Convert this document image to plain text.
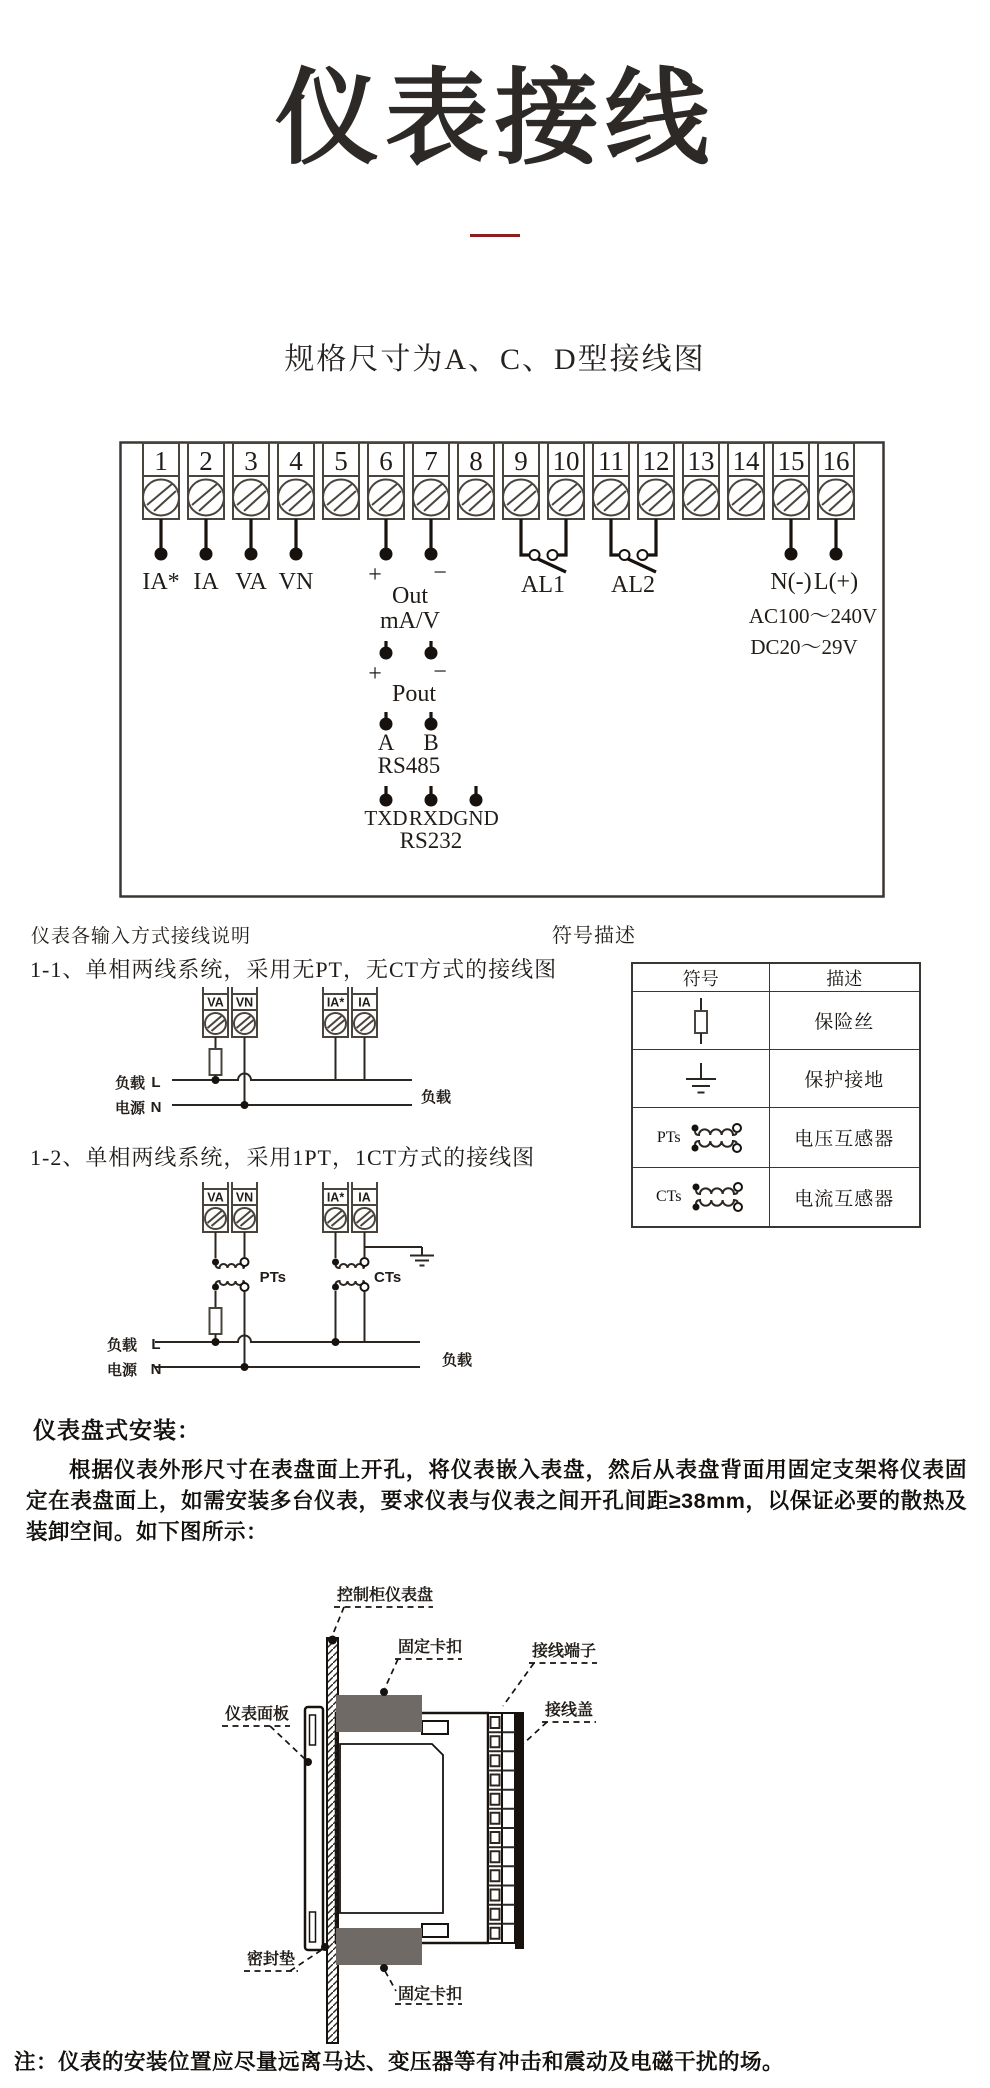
仪表接线
规格尺寸为A、C、D型接线图
1 2 3 4 5 6 7 8 9 10 11 12 13 14 15 16
IA* IA VA VN + −
Out
mA/V
+ −
Pout
A B
RS485
TXD RXD GND
RS232
AL1 AL2	N(-) L(+)
AC100～240V
DC20～29V
仪表各输入方式接线说明	符号描述
1-1、单相两线系统，采用无PT，无CT方式的接线图
VA VN	IA* IA
负载 L
电源 N
负载
符号	描述

	保险丝

	保护接地

PTs	电压互感器

CTs	电流互感器
1-2、单相两线系统，采用1PT，1CT方式的接线图
VA VN	IA* IA
PTs	CTs
负载 L
电源 N
负载
仪表盘式安装：
根据仪表外形尺寸在表盘面上开孔，将仪表嵌入表盘，然后从表盘背面用固定支架将仪表固定在表盘面上，如需安装多台仪表，要求仪表与仪表之间开孔间距≥38mm，以保证必要的散热及装卸空间。如下图所示：
控制柜仪表盘
固定卡扣	接线端子
接线盖
仪表面板
密封垫
固定卡扣
注：仪表的安装位置应尽量远离马达、变压器等有冲击和震动及电磁干扰的场。
